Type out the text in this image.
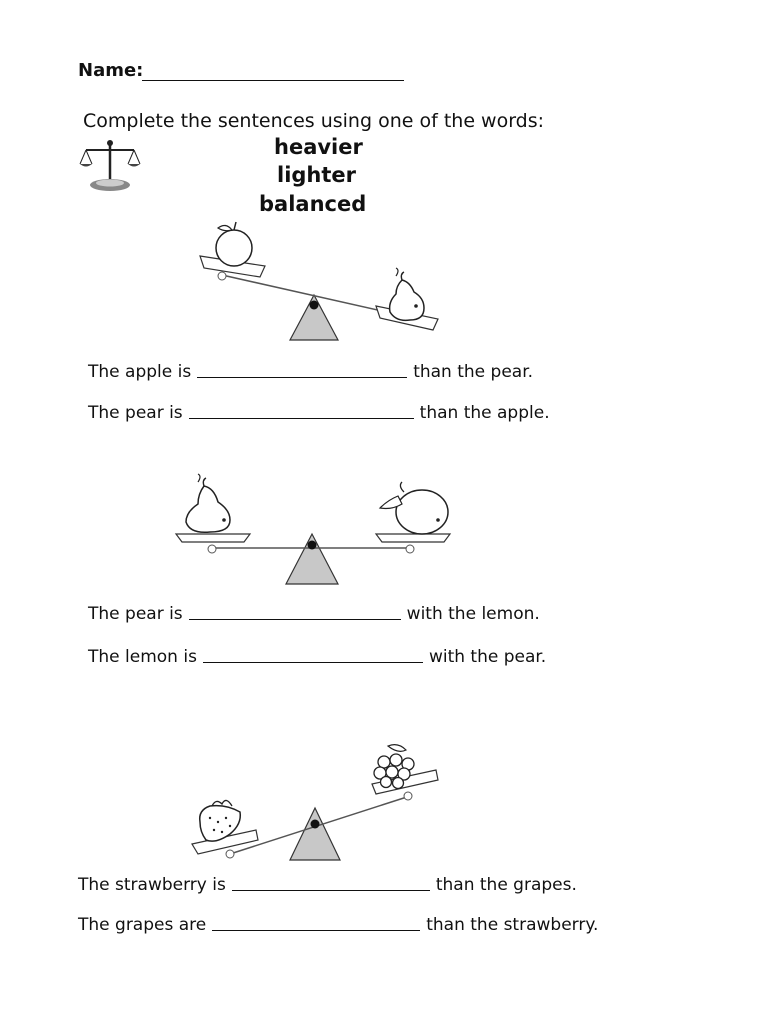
Name:
Complete the sentences using one of the words:
heavier
lighter
balanced
The apple is	than the pear.
The pear is	than the apple.
The pear is	with the lemon.
The lemon is	with the pear.
The strawberry is	than the grapes.
The grapes are	than the strawberry.
